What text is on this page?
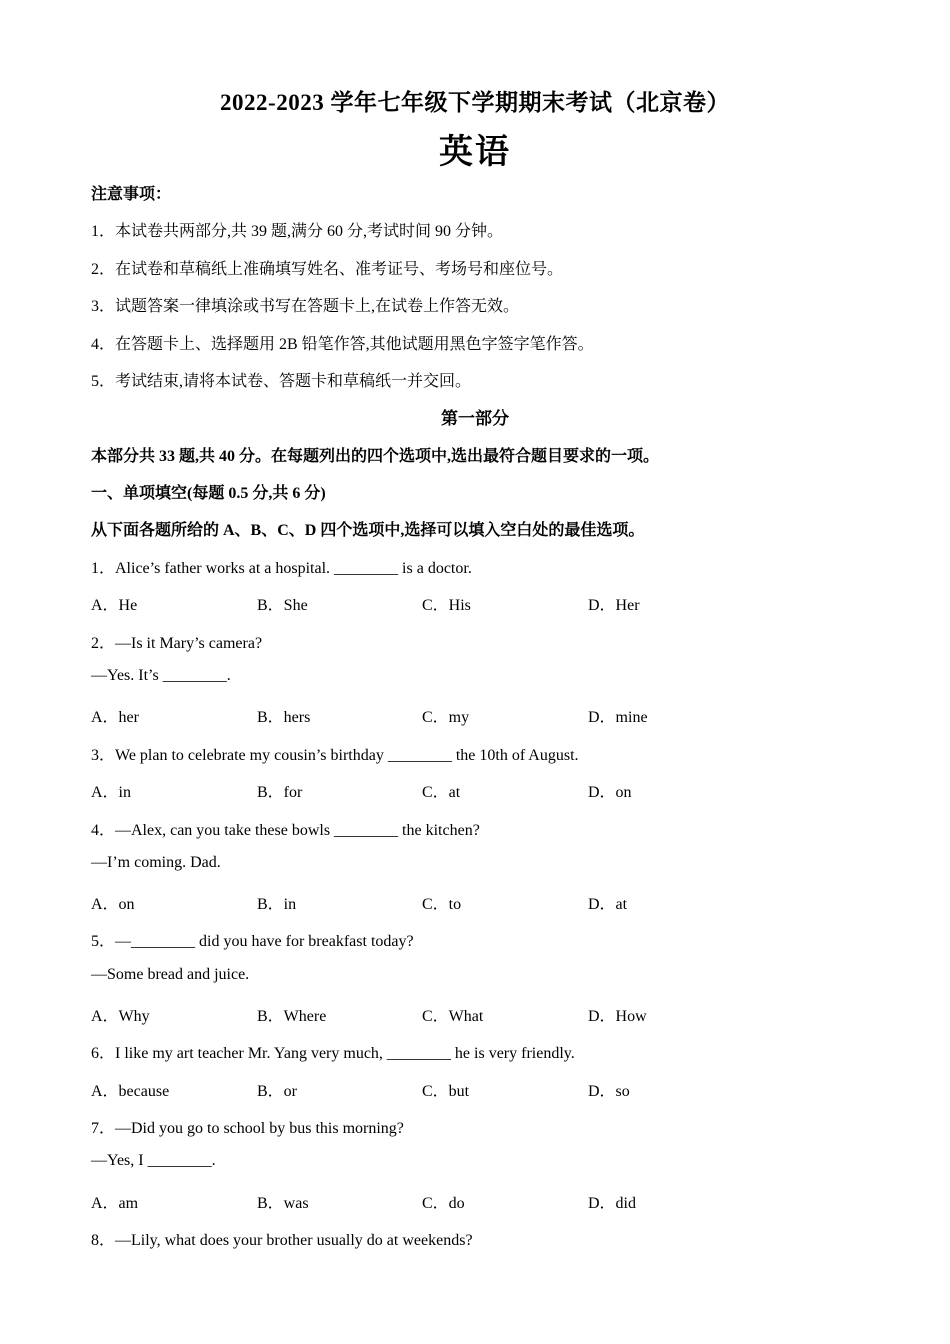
2022-2023 学年七年级下学期期末考试（北京卷）
英语
注意事项：
1．本试卷共两部分,共 39 题,满分 60 分,考试时间 90 分钟。
2．在试卷和草稿纸上准确填写姓名、准考证号、考场号和座位号。
3．试题答案一律填涂或书写在答题卡上,在试卷上作答无效。
4．在答题卡上、选择题用 2B 铅笔作答,其他试题用黑色字签字笔作答。
5．考试结束,请将本试卷、答题卡和草稿纸一并交回。
第一部分
本部分共 33 题,共 40 分。在每题列出的四个选项中,选出最符合题目要求的一项。
一、单项填空(每题 0.5 分,共 6 分)
从下面各题所给的 A、B、C、D 四个选项中,选择可以填入空白处的最佳选项。
1．Alice’s father works at a hospital. ________ is a doctor.
A．He	B．She	C．His	D．Her
2．—Is it Mary’s camera?
—Yes. It’s ________.
A．her	B．hers	C．my	D．mine
3．We plan to celebrate my cousin’s birthday ________ the 10th of August.
A．in	B．for	C．at	D．on
4．—Alex, can you take these bowls ________ the kitchen?
—I’m coming. Dad.
A．on	B．in	C．to	D．at
5．—________ did you have for breakfast today?
—Some bread and juice.
A．Why	B．Where	C．What	D．How
6．I like my art teacher Mr. Yang very much, ________ he is very friendly.
A．because	B．or	C．but	D．so
7．—Did you go to school by bus this morning?
—Yes, I ________.
A．am	B．was	C．do	D．did
8．—Lily, what does your brother usually do at weekends?
